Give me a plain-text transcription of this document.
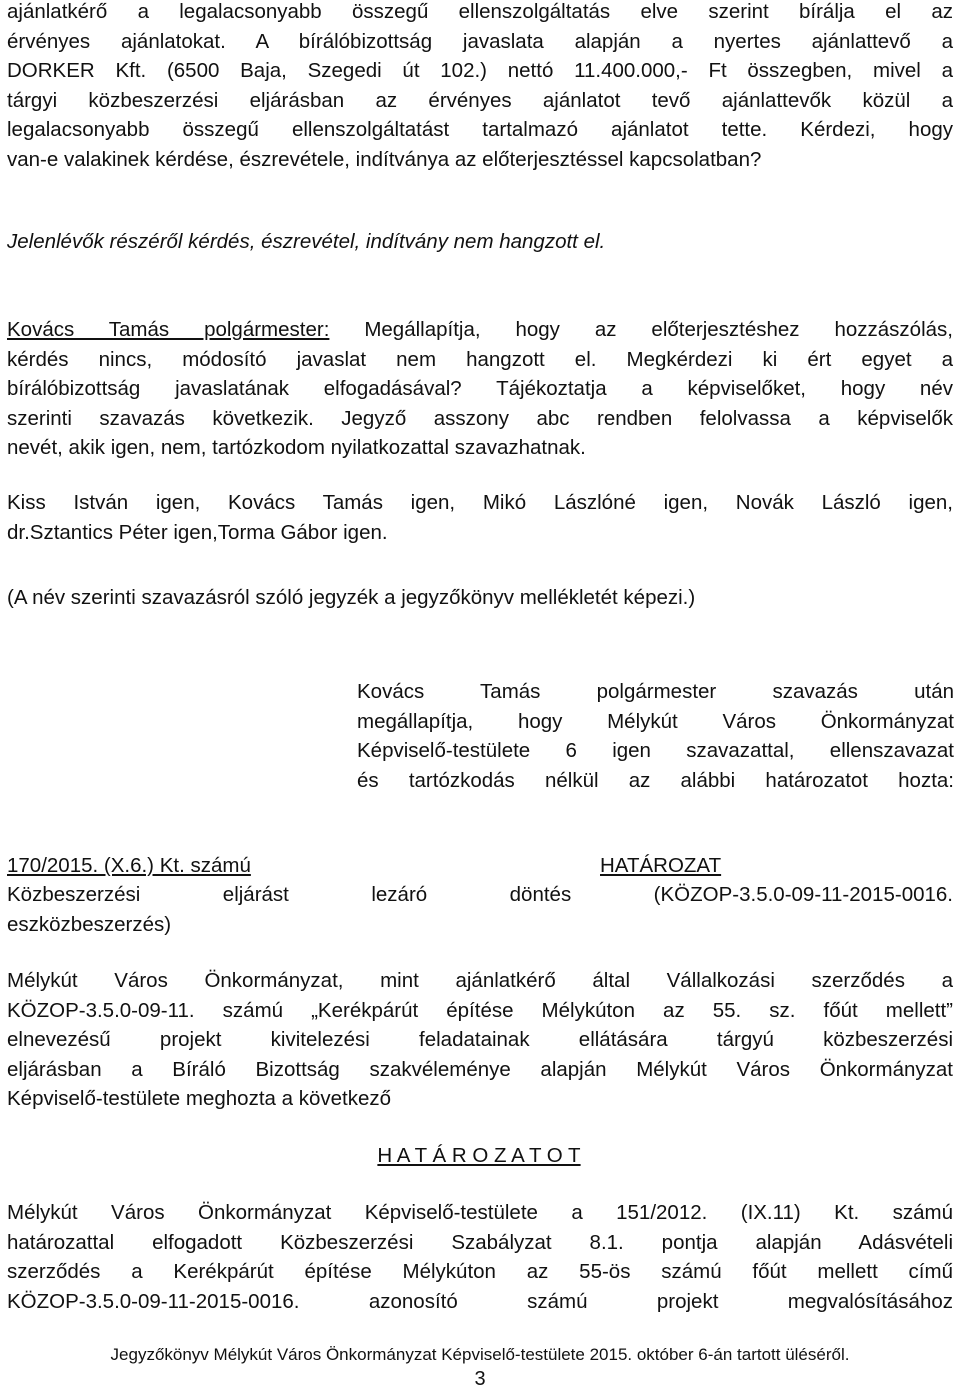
ajánlatkérő a legalacsonyabb összegű ellenszolgáltatás elve szerint bírálja el az
érvényes ajánlatokat. A bírálóbizottság javaslata alapján a nyertes ajánlattevő a
DORKER Kft. (6500 Baja, Szegedi út 102.) nettó 11.400.000,- Ft összegben, mivel a
tárgyi közbeszerzési eljárásban az érvényes ajánlatot tevő ajánlattevők közül a
legalacsonyabb összegű ellenszolgáltatást tartalmazó ajánlatot tette. Kérdezi, hogy
van-e valakinek kérdése, észrevétele, indítványa az előterjesztéssel kapcsolatban?
Jelenlévők részéről kérdés, észrevétel, indítvány nem hangzott el.
Kovács Tamás polgármester: Megállapítja, hogy az előterjesztéshez hozzászólás,
kérdés nincs, módosító javaslat nem hangzott el. Megkérdezi ki ért egyet a
bírálóbizottság javaslatának elfogadásával? Tájékoztatja a képviselőket, hogy név
szerinti szavazás következik. Jegyző asszony abc rendben felolvassa a képviselők
nevét, akik igen, nem, tartózkodom nyilatkozattal szavazhatnak.
Kiss István igen, Kovács Tamás igen, Mikó Lászlóné igen, Novák László igen,
dr.Sztantics Péter igen,Torma Gábor igen.
(A név szerinti szavazásról szóló jegyzék a jegyzőkönyv mellékletét képezi.)
Kovács Tamás polgármester szavazás után
megállapítja, hogy Mélykút Város Önkormányzat
Képviselő-testülete 6 igen szavazattal, ellenszavazat
és tartózkodás nélkül az alábbi határozatot hozta:
170/2015. (X.6.) Kt. számú	HATÁROZAT
Közbeszerzési eljárást lezáró döntés (KÖZOP-3.5.0-09-11-2015-0016.
eszközbeszerzés)
Mélykút Város Önkormányzat, mint ajánlatkérő által Vállalkozási szerződés a
KÖZOP-3.5.0-09-11. számú „Kerékpárút építése Mélykúton az 55. sz. főút mellett”
elnevezésű projekt kivitelezési feladatainak ellátására tárgyú közbeszerzési
eljárásban a Bíráló Bizottság szakvéleménye alapján Mélykút Város Önkormányzat
Képviselő-testülete meghozta a következő
H A T Á R O Z A T O T
Mélykút Város Önkormányzat Képviselő-testülete a 151/2012. (IX.11) Kt. számú
határozattal elfogadott Közbeszerzési Szabályzat 8.1. pontja alapján Adásvételi
szerződés a Kerékpárút építése Mélykúton az 55-ös számú főút mellett című
KÖZOP-3.5.0-09-11-2015-0016. azonosító számú projekt megvalósításához
Jegyzőkönyv Mélykút Város Önkormányzat Képviselő-testülete 2015. október 6-án tartott üléséről.
3
